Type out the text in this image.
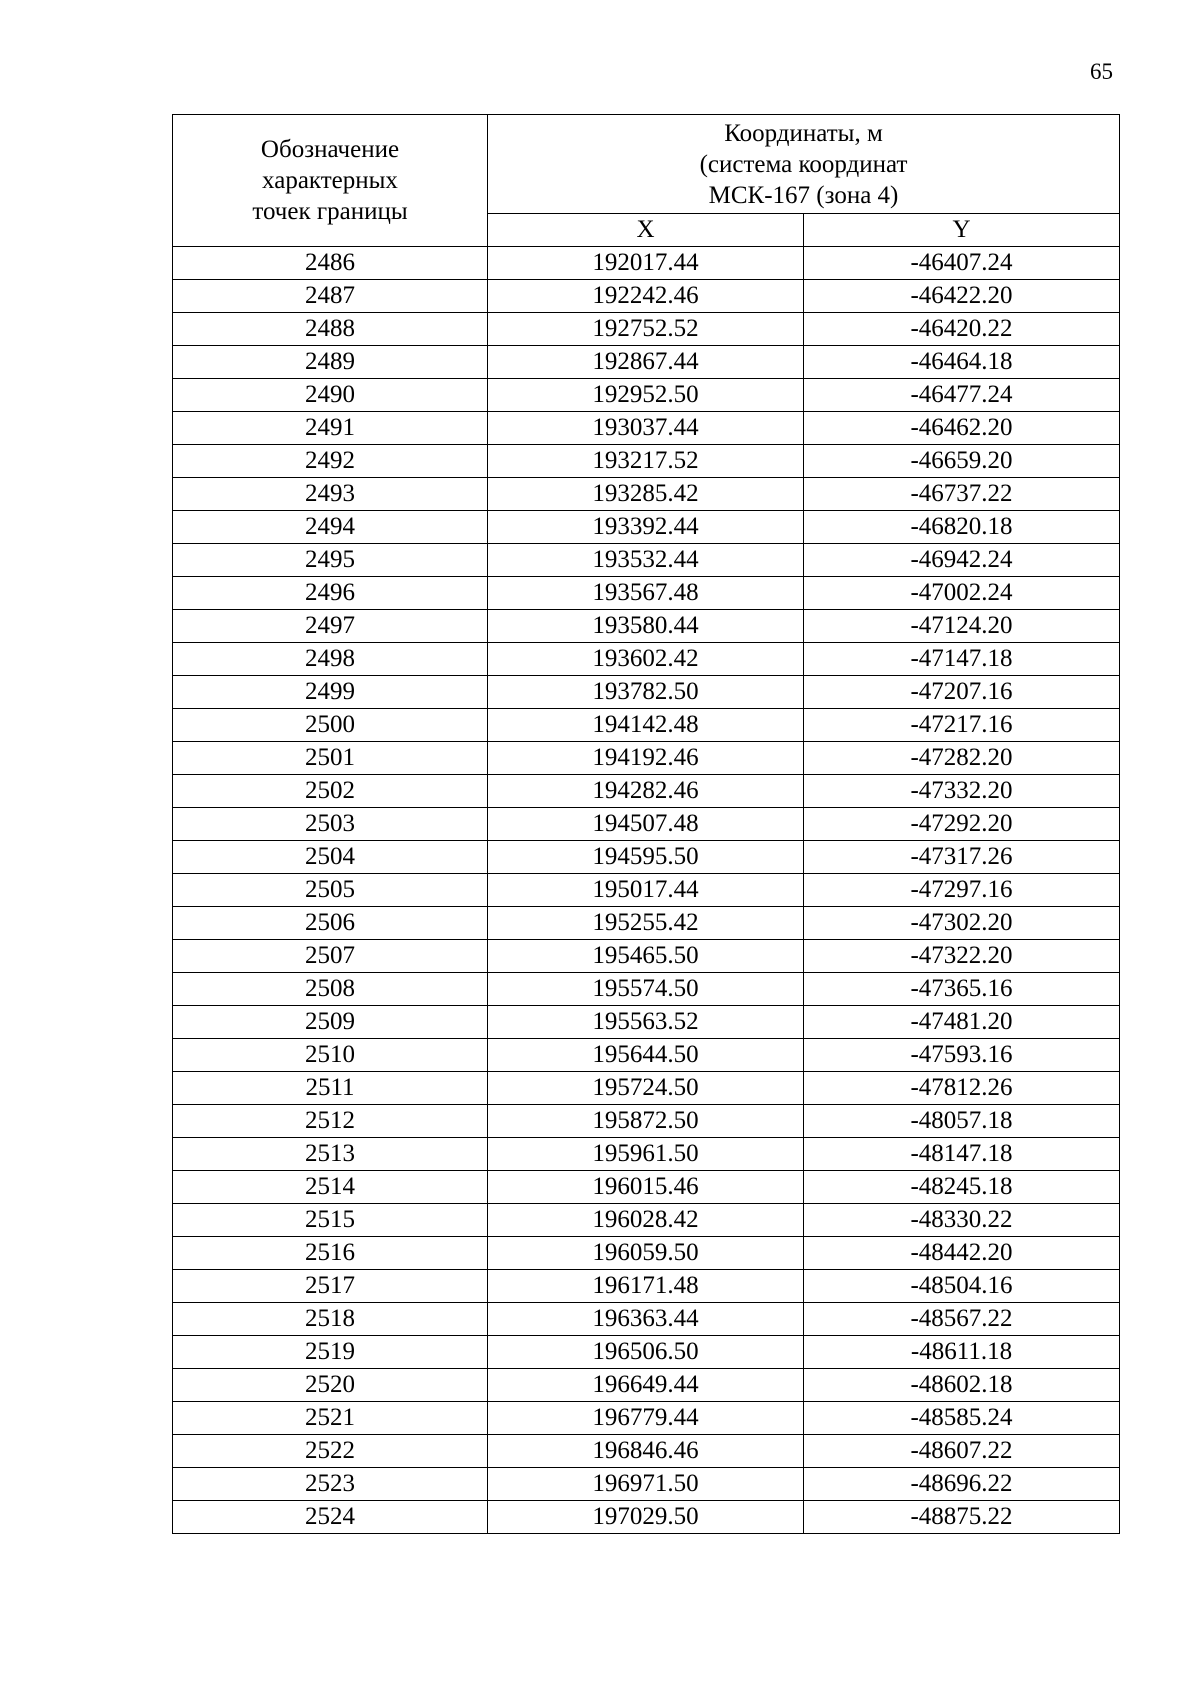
65
Обозначение
характерных
точек границы	Координаты, м
(система координат
МСК-167 (зона 4)	

	X	Y
2486	192017.44	-46407.24
2487	192242.46	-46422.20
2488	192752.52	-46420.22
2489	192867.44	-46464.18
2490	192952.50	-46477.24
2491	193037.44	-46462.20
2492	193217.52	-46659.20
2493	193285.42	-46737.22
2494	193392.44	-46820.18
2495	193532.44	-46942.24
2496	193567.48	-47002.24
2497	193580.44	-47124.20
2498	193602.42	-47147.18
2499	193782.50	-47207.16
2500	194142.48	-47217.16
2501	194192.46	-47282.20
2502	194282.46	-47332.20
2503	194507.48	-47292.20
2504	194595.50	-47317.26
2505	195017.44	-47297.16
2506	195255.42	-47302.20
2507	195465.50	-47322.20
2508	195574.50	-47365.16
2509	195563.52	-47481.20
2510	195644.50	-47593.16
2511	195724.50	-47812.26
2512	195872.50	-48057.18
2513	195961.50	-48147.18
2514	196015.46	-48245.18
2515	196028.42	-48330.22
2516	196059.50	-48442.20
2517	196171.48	-48504.16
2518	196363.44	-48567.22
2519	196506.50	-48611.18
2520	196649.44	-48602.18
2521	196779.44	-48585.24
2522	196846.46	-48607.22
2523	196971.50	-48696.22
2524	197029.50	-48875.22
